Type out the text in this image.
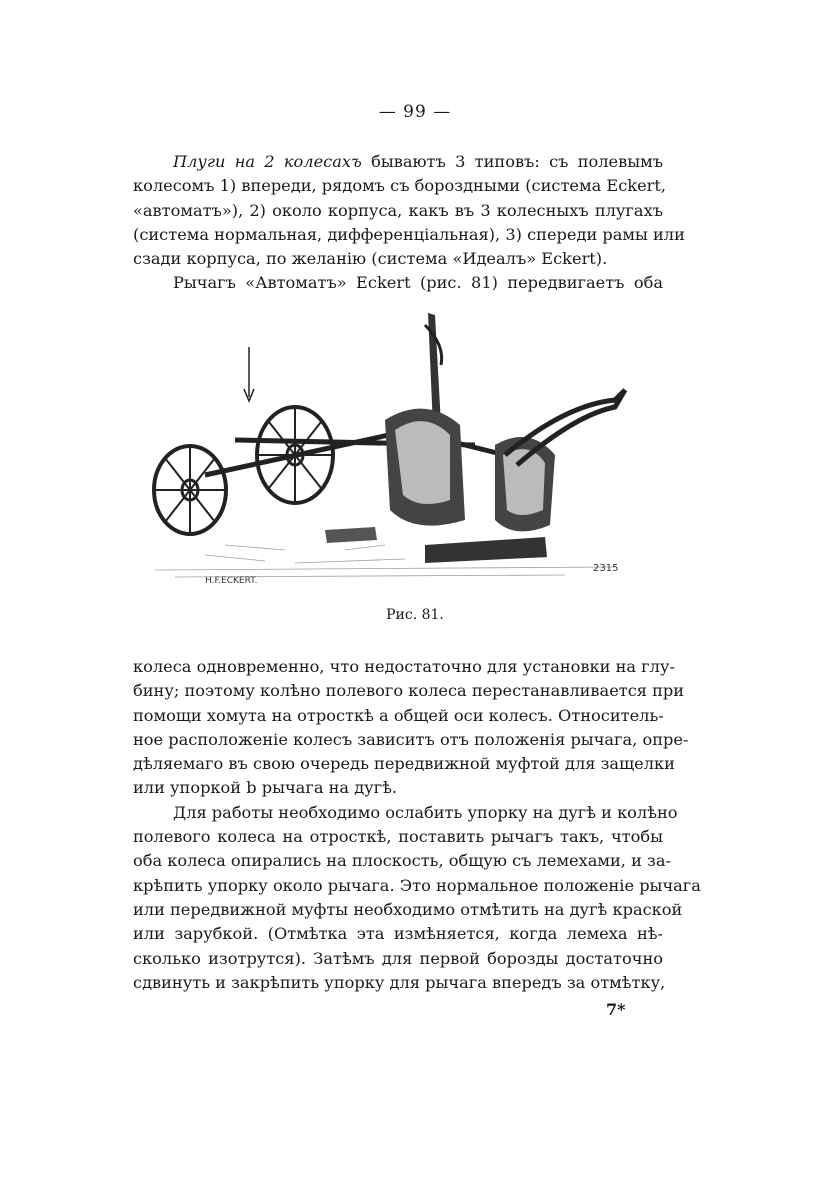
— 99 —
Плуги на 2 колесахъ бываютъ 3 типовъ: съ полевымъ
колесомъ 1) впереди, рядомъ съ бороздными (система Eckert,
«автоматъ»), 2) около корпуса, какъ въ 3 колесныхъ плугахъ
(система нормальная, дифференціальная), 3) спереди рамы или
сзади корпуса, по желанію (система «Идеалъ» Eckert).
Рычагъ «Автоматъ» Eckert (рис. 81) передвигаетъ оба
H.F.ECKERT.
2315
Рис. 81.
колеса одновременно, что недостаточно для установки на глу-
бину; поэтому колѣно полевого колеса перестанавливается при
помощи хомута на отросткѣ a общей оси колесъ. Относитель-
ное расположеніе колесъ зависитъ отъ положенія рычага, опре-
дѣляемаго въ свою очередь передвижной муфтой для защелки
или упоркой b рычага на дугѣ.
Для работы необходимо ослабить упорку на дугѣ и колѣно
полевого колеса на отросткѣ, поставить рычагъ такъ, чтобы
оба колеса опирались на плоскость, общую съ лемехами, и за-
крѣпить упорку около рычага. Это нормальное положеніе рычага
или передвижной муфты необходимо отмѣтить на дугѣ краской
или зарубкой. (Отмѣтка эта измѣняется, когда лемеха нѣ-
сколько изотрутся). Затѣмъ для первой борозды достаточно
сдвинуть и закрѣпить упорку для рычага впередъ за отмѣтку,
7*
